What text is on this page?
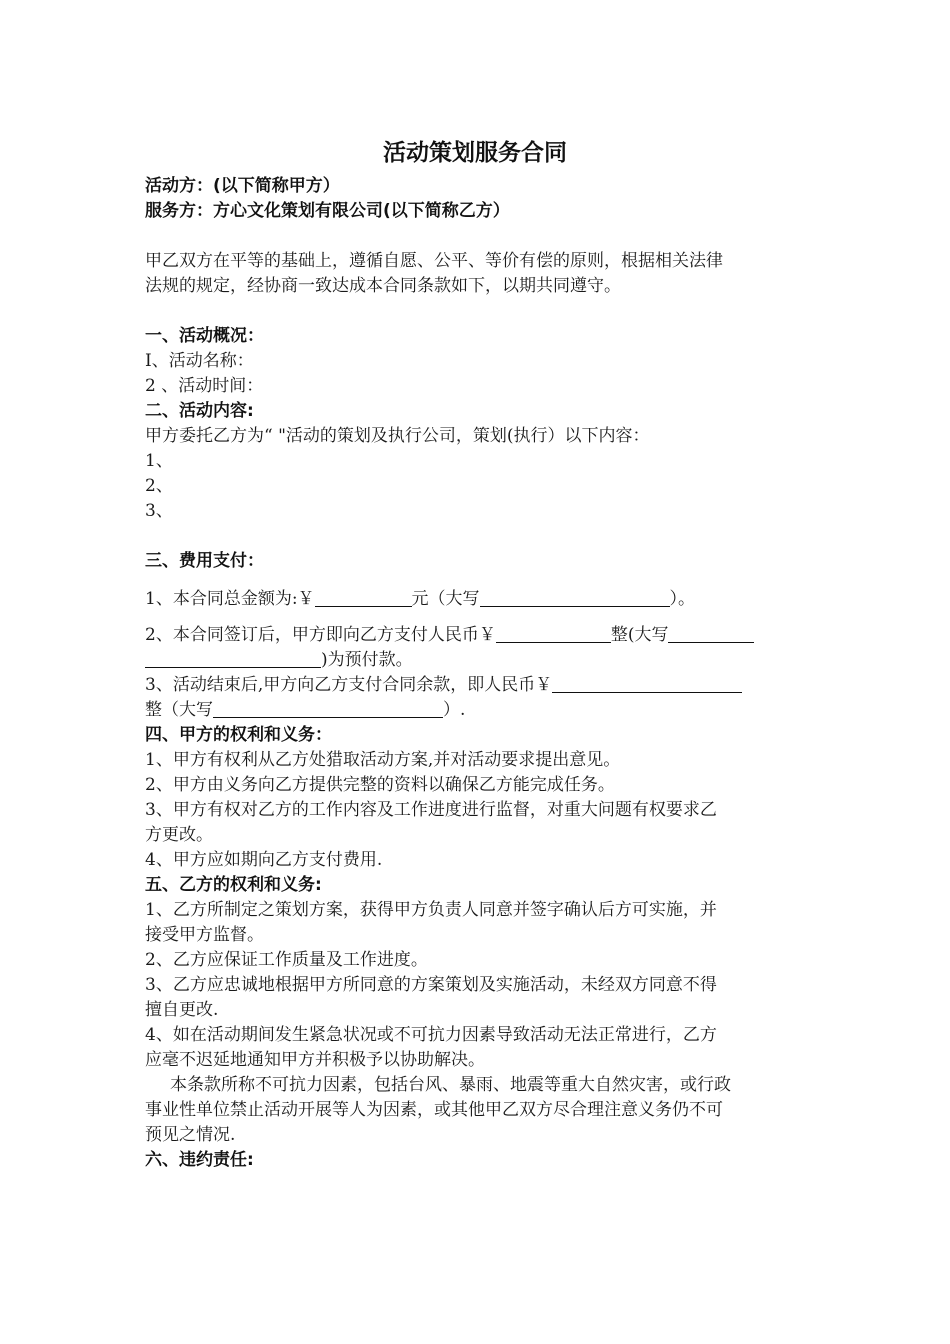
活动策划服务合同
活动方：(以下简称甲方）
服务方：方心文化策划有限公司(以下简称乙方）
甲乙双方在平等的基础上，遵循自愿、公平、等价有偿的原则，根据相关法律
法规的规定，经协商一致达成本合同条款如下，以期共同遵守。
一、活动概况：
Ⅰ、活动名称：
2 、活动时间：
二、活动内容:
甲方委托乙方为“ "活动的策划及执行公司，策划(执行）以下内容：
1、
2、
3、
三、费用支付：
1、本合同总金额为:￥	元（大写	）。
2、本合同签订后，甲方即向乙方支付人民币￥	整(大写
)为预付款。
3、活动结束后,甲方向乙方支付合同余款，即人民币￥
整（大写	）.
四、甲方的权利和义务：
1、甲方有权利从乙方处猎取活动方案,并对活动要求提出意见。
2、甲方由义务向乙方提供完整的资料以确保乙方能完成任务。
3、甲方有权对乙方的工作内容及工作进度进行监督，对重大问题有权要求乙
方更改。
4、甲方应如期向乙方支付费用.
五、乙方的权利和义务:
1、乙方所制定之策划方案，获得甲方负责人同意并签字确认后方可实施，并
接受甲方监督。
2、乙方应保证工作质量及工作进度。
3、乙方应忠诚地根据甲方所同意的方案策划及实施活动，未经双方同意不得
擅自更改.
4、如在活动期间发生紧急状况或不可抗力因素导致活动无法正常进行，乙方
应毫不迟延地通知甲方并积极予以协助解决。
本条款所称不可抗力因素，包括台风、暴雨、地震等重大自然灾害，或行政
事业性单位禁止活动开展等人为因素，或其他甲乙双方尽合理注意义务仍不可
预见之情况.
六、违约责任:
